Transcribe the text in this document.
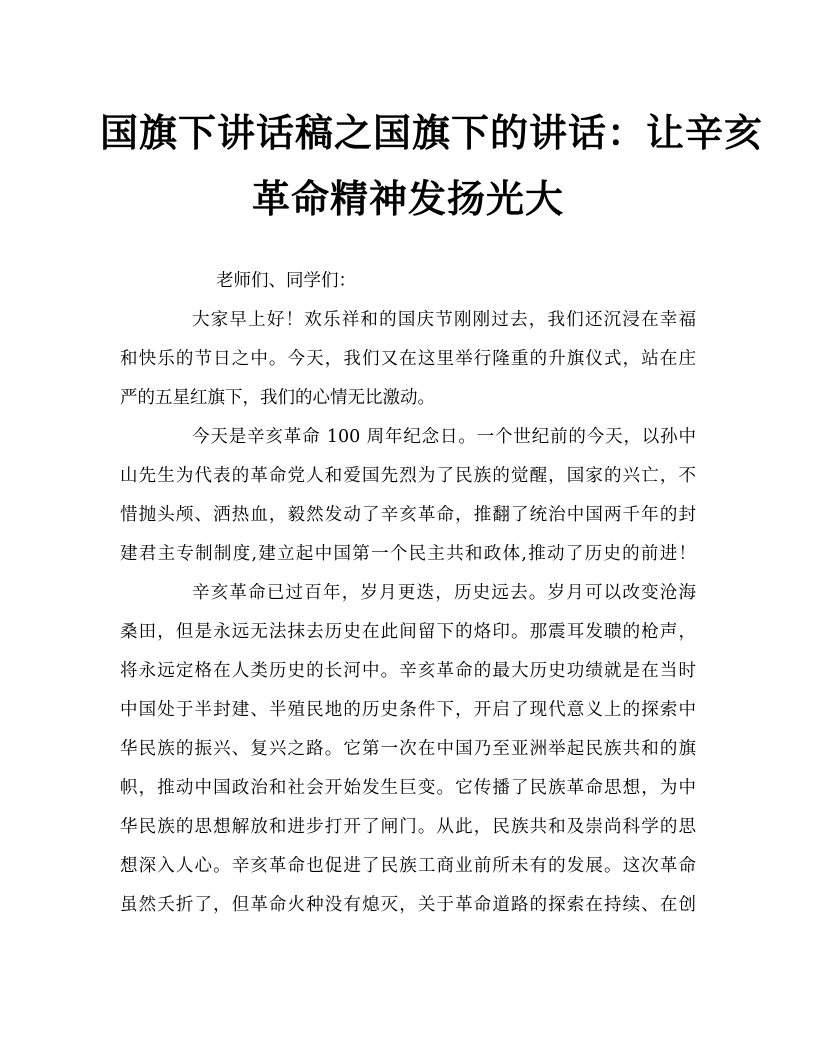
国旗下讲话稿之国旗下的讲话：让辛亥
革命精神发扬光大
老师们、同学们：
大家早上好！欢乐祥和的国庆节刚刚过去，我们还沉浸在幸福
和快乐的节日之中。今天，我们又在这里举行隆重的升旗仪式，站在庄
严的五星红旗下，我们的心情无比激动。
今天是辛亥革命 100 周年纪念日。一个世纪前的今天，以孙中
山先生为代表的革命党人和爱国先烈为了民族的觉醒，国家的兴亡，不
惜抛头颅、洒热血，毅然发动了辛亥革命，推翻了统治中国两千年的封
建君主专制制度,建立起中国第一个民主共和政体,推动了历史的前进！
辛亥革命已过百年，岁月更迭，历史远去。岁月可以改变沧海
桑田，但是永远无法抹去历史在此间留下的烙印。那震耳发聩的枪声，
将永远定格在人类历史的长河中。辛亥革命的最大历史功绩就是在当时
中国处于半封建、半殖民地的历史条件下，开启了现代意义上的探索中
华民族的振兴、复兴之路。它第一次在中国乃至亚洲举起民族共和的旗
帜，推动中国政治和社会开始发生巨变。它传播了民族革命思想，为中
华民族的思想解放和进步打开了闸门。从此，民族共和及崇尚科学的思
想深入人心。辛亥革命也促进了民族工商业前所未有的发展。这次革命
虽然夭折了，但革命火种没有熄灭，关于革命道路的探索在持续、在创
